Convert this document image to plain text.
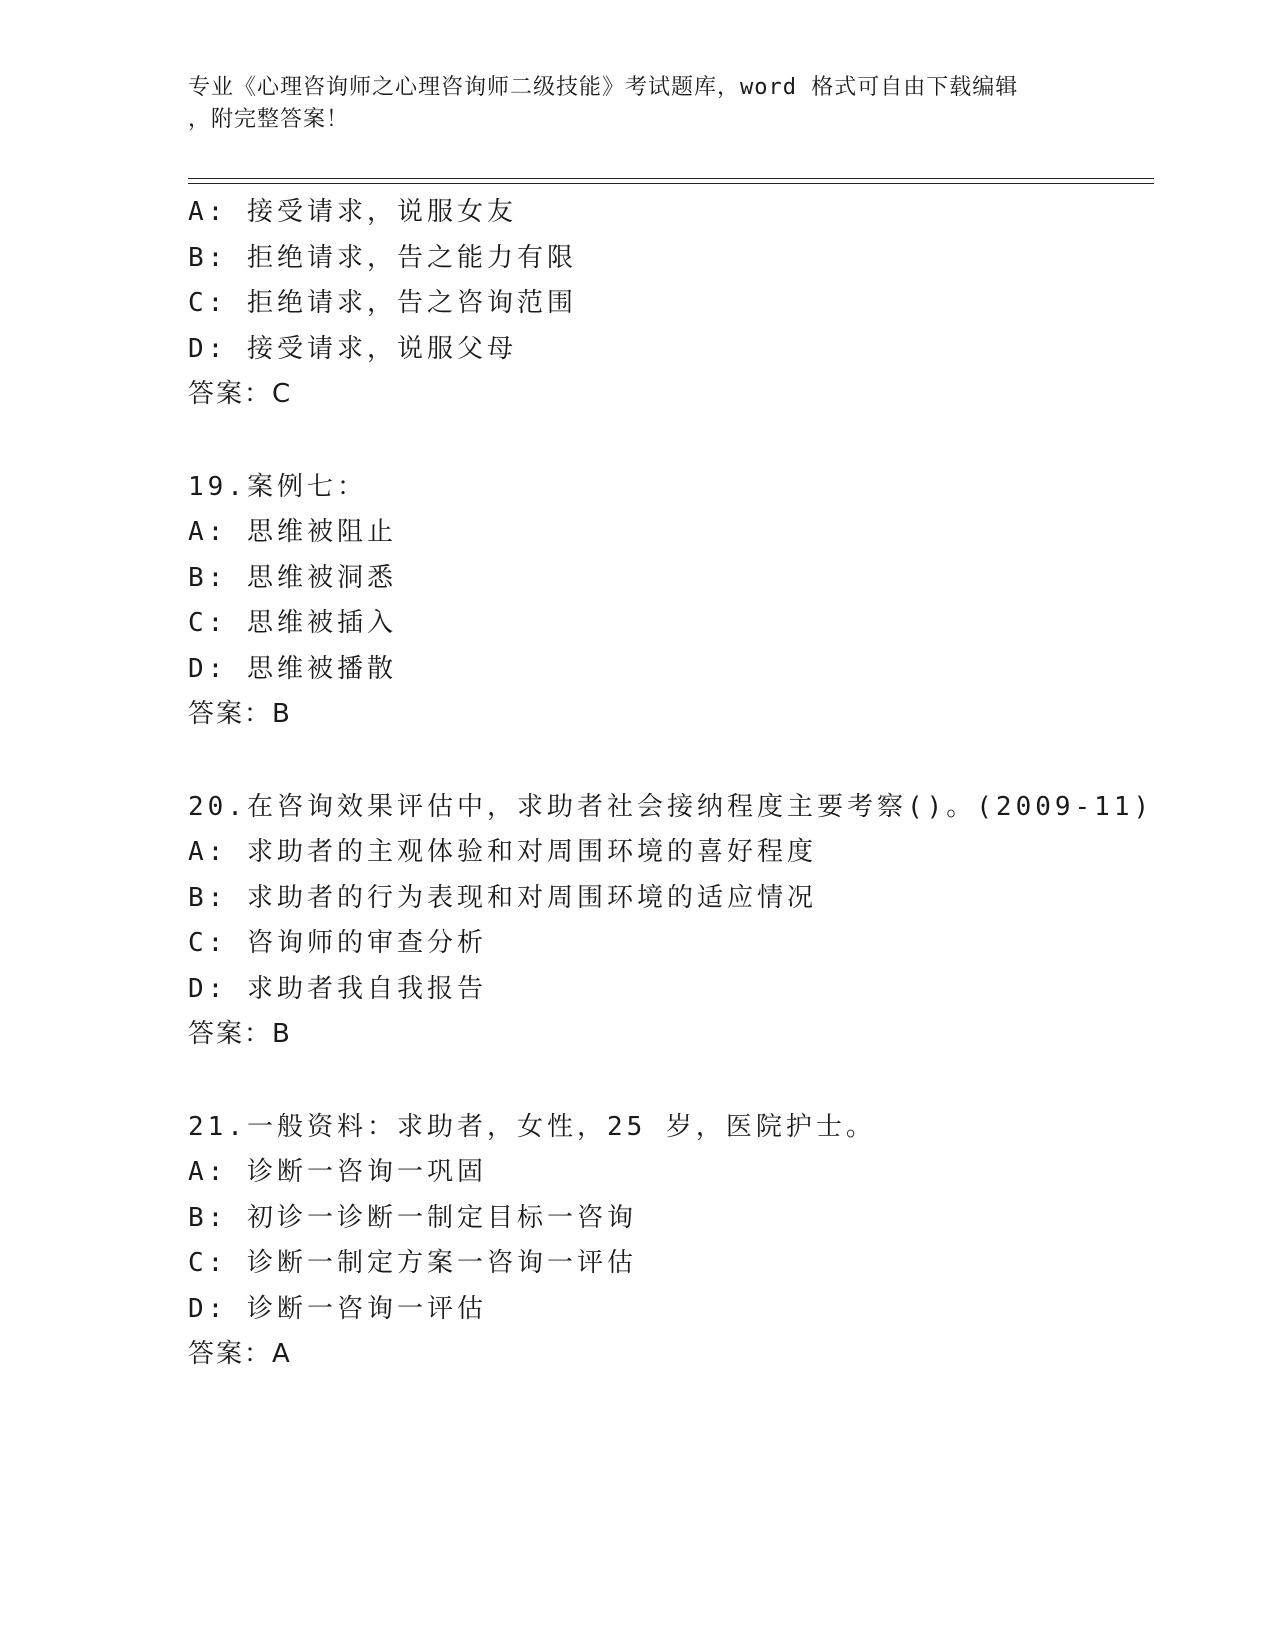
专业《心理咨询师之心理咨询师二级技能》考试题库，word 格式可自由下载编辑
，附完整答案！
A: 接受请求，说服女友
B: 拒绝请求，告之能力有限
C: 拒绝请求，告之咨询范围
D: 接受请求，说服父母
答案：C
19.案例七：
A: 思维被阻止
B: 思维被洞悉
C: 思维被插入
D: 思维被播散
答案：B
20.在咨询效果评估中，求助者社会接纳程度主要考察()。(2009-11)
A: 求助者的主观体验和对周围环境的喜好程度
B: 求助者的行为表现和对周围环境的适应情况
C: 咨询师的审查分析
D: 求助者我自我报告
答案：B
21.一般资料：求助者，女性，25 岁，医院护士。
A: 诊断一咨询一巩固
B: 初诊一诊断一制定目标一咨询
C: 诊断一制定方案一咨询一评估
D: 诊断一咨询一评估
答案：A
